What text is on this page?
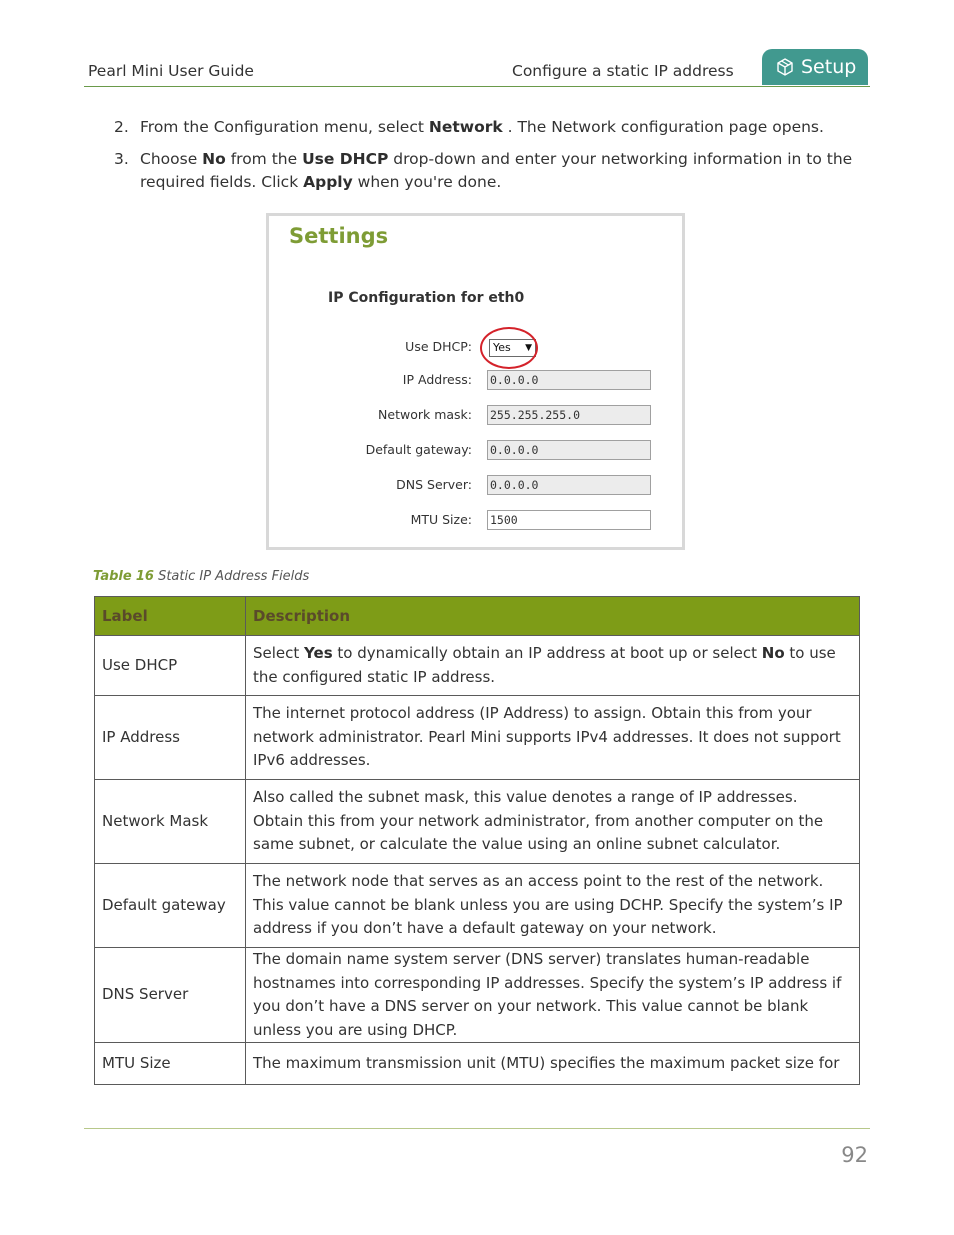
Pearl Mini User Guide	Configure a static IP address	Setup
2. From the Configuration menu, select Network . The Network configuration page opens.
3. Choose No from the Use DHCP drop-down and enter your networking information in to the required fields. Click Apply when you're done.
Settings
IP Configuration for eth0
Use DHCP:	Yes ▼
IP Address: 0.0.0.0
Network mask: 255.255.255.0
Default gateway: 0.0.0.0
DNS Server: 0.0.0.0
MTU Size: 1500
Table 16 Static IP Address Fields
Label	Description
Use DHCP	Select Yes to dynamically obtain an IP address at boot up or select No to use the configured static IP address.
IP Address	The internet protocol address (IP Address) to assign. Obtain this from your network administrator. Pearl Mini supports IPv4 addresses. It does not support IPv6 addresses.
Network Mask	Also called the subnet mask, this value denotes a range of IP addresses. Obtain this from your network administrator, from another computer on the same subnet, or calculate the value using an online subnet calculator.
Default gateway	The network node that serves as an access point to the rest of the network. This value cannot be blank unless you are using DCHP. Specify the system’s IP address if you don’t have a default gateway on your network.
DNS Server	The domain name system server (DNS server) translates human-readable hostnames into corresponding IP addresses. Specify the system’s IP address if you don’t have a DNS server on your network. This value cannot be blank unless you are using DHCP.
MTU Size	The maximum transmission unit (MTU) specifies the maximum packet size for
92
